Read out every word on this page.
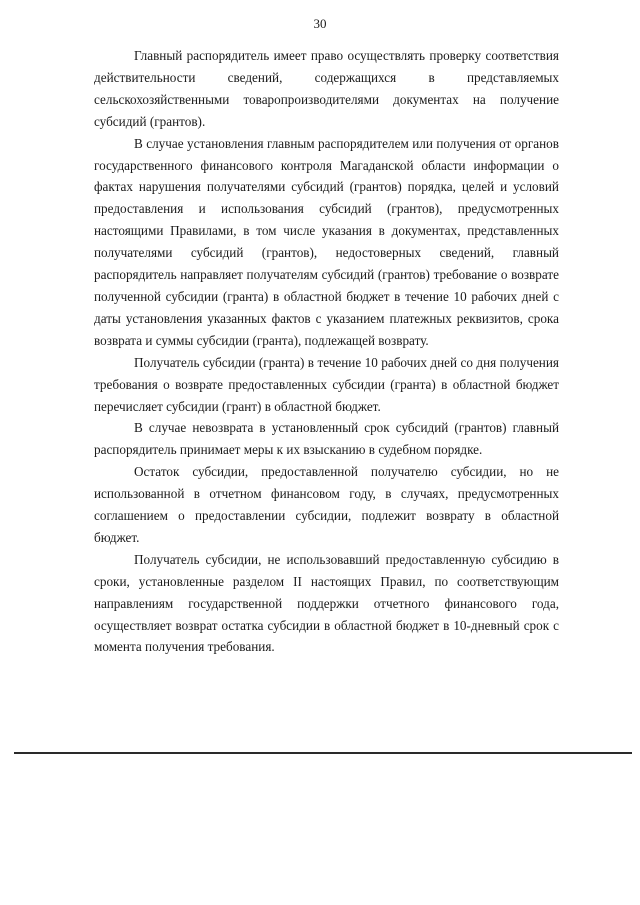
30

Главный распорядитель имеет право осуществлять проверку соответствия действительности сведений, содержащихся в представляемых сельскохозяйственными товаропроизводителями документах на получение субсидий (грантов).

В случае установления главным распорядителем или получения от органов государственного финансового контроля Магаданской области информации о фактах нарушения получателями субсидий (грантов) порядка, целей и условий предоставления и использования субсидий (грантов), предусмотренных настоящими Правилами, в том числе указания в документах, представленных получателями субсидий (грантов), недостоверных сведений, главный распорядитель направляет получателям субсидий (грантов) требование о возврате полученной субсидии (гранта) в областной бюджет в течение 10 рабочих дней с даты установления указанных фактов с указанием платежных реквизитов, срока возврата и суммы субсидии (гранта), подлежащей возврату.

Получатель субсидии (гранта) в течение 10 рабочих дней со дня получения требования о возврате предоставленных субсидии (гранта) в областной бюджет перечисляет субсидии (грант) в областной бюджет.

В случае невозврата в установленный срок субсидий (грантов) главный распорядитель принимает меры к их взысканию в судебном порядке.

Остаток субсидии, предоставленной получателю субсидии, но не использованной в отчетном финансовом году, в случаях, предусмотренных соглашением о предоставлении субсидии, подлежит возврату в областной бюджет.

Получатель субсидии, не использовавший предоставленную субсидию в сроки, установленные разделом II настоящих Правил, по соответствующим направлениям государственной поддержки отчетного финансового года, осуществляет возврат остатка субсидии в областной бюджет в 10-дневный срок с момента получения требования.
